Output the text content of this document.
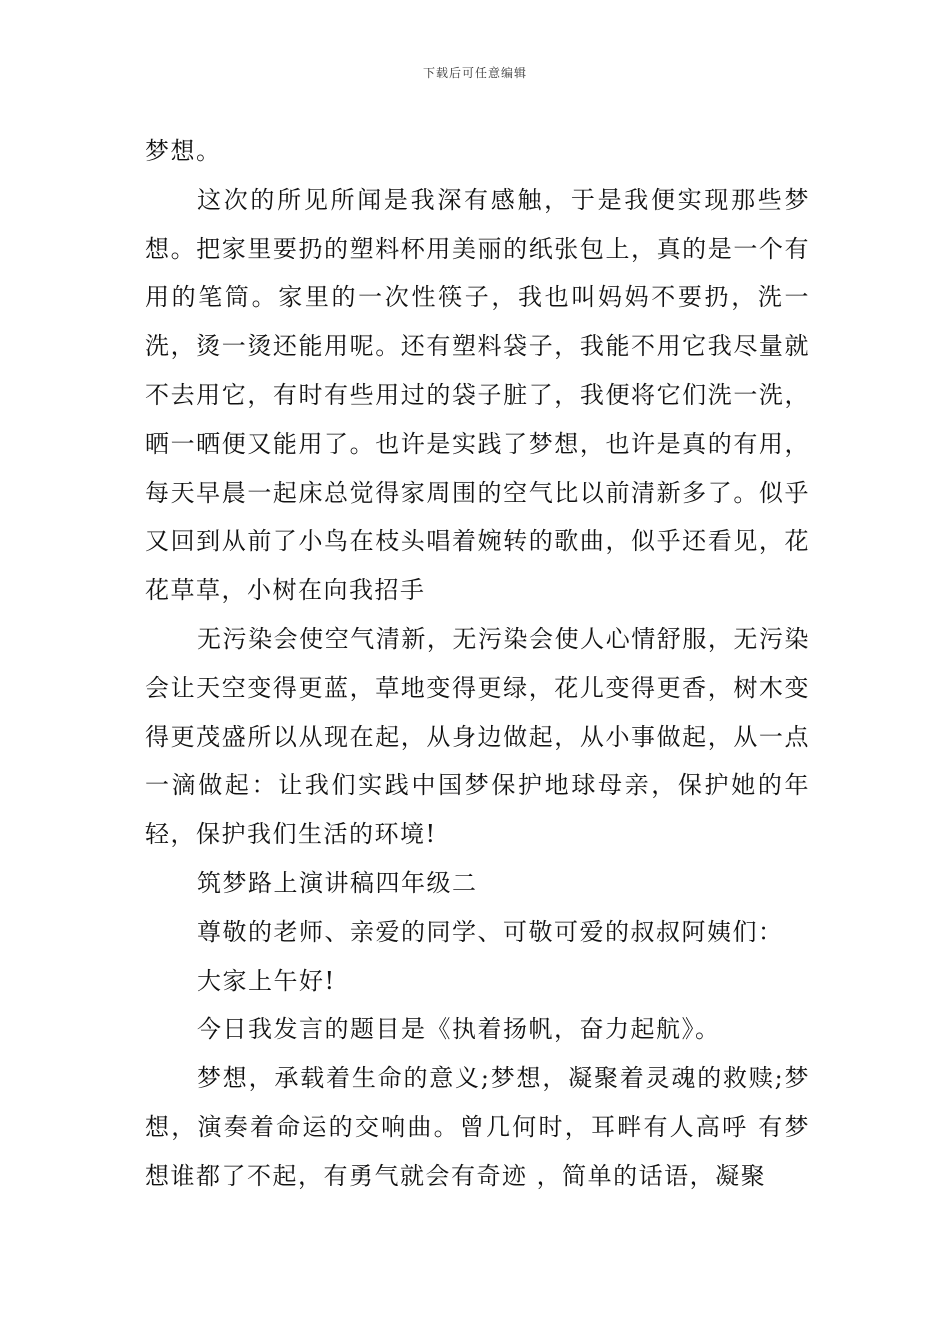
下载后可任意编辑

梦想。

这次的所见所闻是我深有感触，于是我便实现那些梦想。把家里要扔的塑料杯用美丽的纸张包上，真的是一个有用的笔筒。家里的一次性筷子，我也叫妈妈不要扔，洗一洗，烫一烫还能用呢。还有塑料袋子，我能不用它我尽量就不去用它，有时有些用过的袋子脏了，我便将它们洗一洗，晒一晒便又能用了。也许是实践了梦想，也许是真的有用，每天早晨一起床总觉得家周围的空气比以前清新多了。似乎又回到从前了小鸟在枝头唱着婉转的歌曲，似乎还看见，花花草草，小树在向我招手

无污染会使空气清新，无污染会使人心情舒服，无污染会让天空变得更蓝，草地变得更绿，花儿变得更香，树木变得更茂盛所以从现在起，从身边做起，从小事做起，从一点一滴做起：让我们实践中国梦保护地球母亲，保护她的年轻，保护我们生活的环境!

筑梦路上演讲稿四年级二

尊敬的老师、亲爱的同学、可敬可爱的叔叔阿姨们：

大家上午好!

今日我发言的题目是《执着扬帆，奋力起航》。

梦想，承载着生命的意义;梦想，凝聚着灵魂的救赎;梦想，演奏着命运的交响曲。曾几何时，耳畔有人高呼 有梦想谁都了不起，有勇气就会有奇迹 ，简单的话语，凝聚
